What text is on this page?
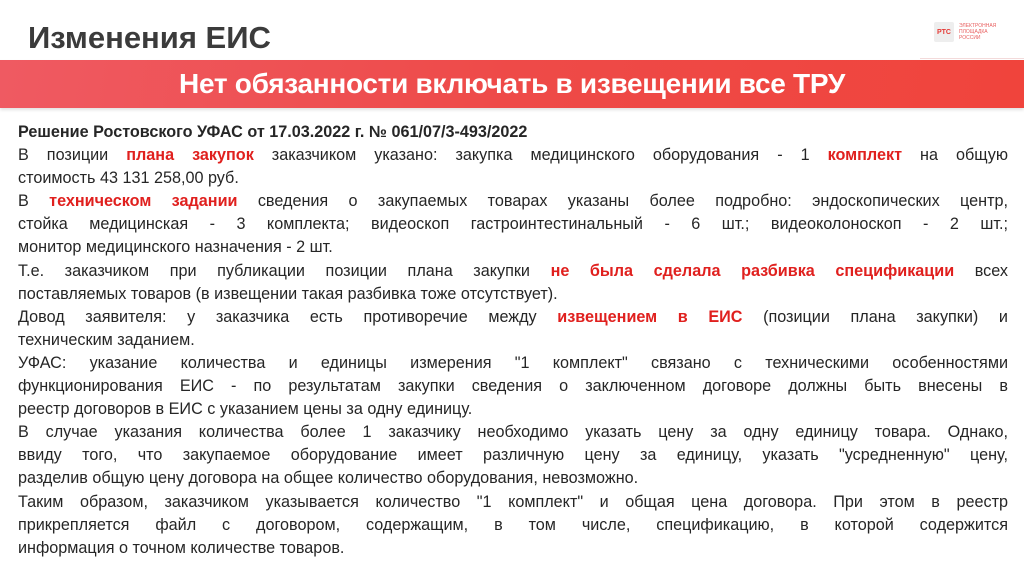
Изменения ЕИС	РТС
ЭЛЕКТРОННАЯ ПЛОЩАДКА РОССИИ
Нет обязанности включать в извещении все ТРУ
Решение Ростовского УФАС от 17.03.2022 г. № 061/07/3-493/2022
В позиции плана закупок заказчиком указано: закупка медицинского оборудования - 1 комплект на общую
стоимость 43 131 258,00 руб.
В техническом задании сведения о закупаемых товарах указаны более подробно: эндоскопических центр,
стойка медицинская - 3 комплекта; видеоскоп гастроинтестинальный - 6 шт.; видеоколоноскоп - 2 шт.;
монитор медицинского назначения - 2 шт.
Т.е. заказчиком при публикации позиции плана закупки не была сделала разбивка спецификации всех
поставляемых товаров (в извещении такая разбивка тоже отсутствует).
Довод заявителя: у заказчика есть противоречие между извещением в ЕИС (позиции плана закупки) и
техническим заданием.
УФАС: указание количества и единицы измерения "1 комплект" связано с техническими особенностями
функционирования ЕИС - по результатам закупки сведения о заключенном договоре должны быть внесены в
реестр договоров в ЕИС с указанием цены за одну единицу.
В случае указания количества более 1 заказчику необходимо указать цену за одну единицу товара. Однако,
ввиду того, что закупаемое оборудование имеет различную цену за единицу, указать "усредненную" цену,
разделив общую цену договора на общее количество оборудования, невозможно.
Таким образом, заказчиком указывается количество "1 комплект" и общая цена договора. При этом в реестр
прикрепляется файл с договором, содержащим, в том числе, спецификацию, в которой содержится
информация о точном количестве товаров.
